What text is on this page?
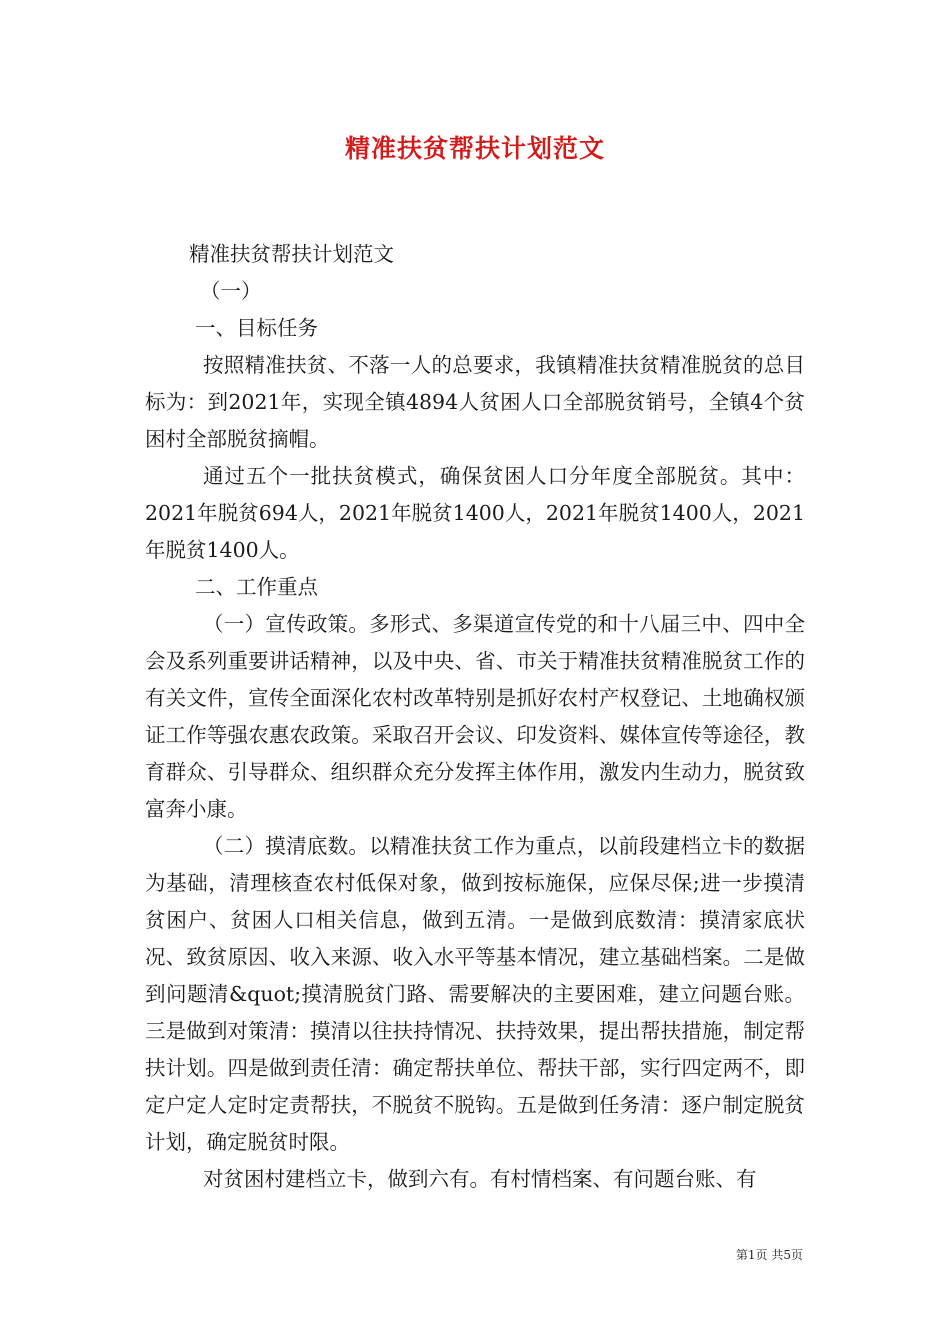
精准扶贫帮扶计划范文

精准扶贫帮扶计划范文

（一）

一、目标任务

按照精准扶贫、不落一人的总要求，我镇精准扶贫精准脱贫的总目标为：到2021年，实现全镇4894人贫困人口全部脱贫销号，全镇4个贫困村全部脱贫摘帽。

通过五个一批扶贫模式，确保贫困人口分年度全部脱贫。其中：2021年脱贫694人，2021年脱贫1400人，2021年脱贫1400人，2021年脱贫1400人。

二、工作重点

（一）宣传政策。多形式、多渠道宣传党的和十八届三中、四中全会及系列重要讲话精神，以及中央、省、市关于精准扶贫精准脱贫工作的有关文件，宣传全面深化农村改革特别是抓好农村产权登记、土地确权颁证工作等强农惠农政策。采取召开会议、印发资料、媒体宣传等途径，教育群众、引导群众、组织群众充分发挥主体作用，激发内生动力，脱贫致富奔小康。

（二）摸清底数。以精准扶贫工作为重点，以前段建档立卡的数据为基础，清理核查农村低保对象，做到按标施保，应保尽保;进一步摸清贫困户、贫困人口相关信息，做到五清。一是做到底数清：摸清家底状况、致贫原因、收入来源、收入水平等基本情况，建立基础档案。二是做到问题清&quot;摸清脱贫门路、需要解决的主要困难，建立问题台账。三是做到对策清：摸清以往扶持情况、扶持效果，提出帮扶措施，制定帮扶计划。四是做到责任清：确定帮扶单位、帮扶干部，实行四定两不，即定户定人定时定责帮扶，不脱贫不脱钩。五是做到任务清：逐户制定脱贫计划，确定脱贫时限。

对贫困村建档立卡，做到六有。有村情档案、有问题台账、有

第1页 共5页
